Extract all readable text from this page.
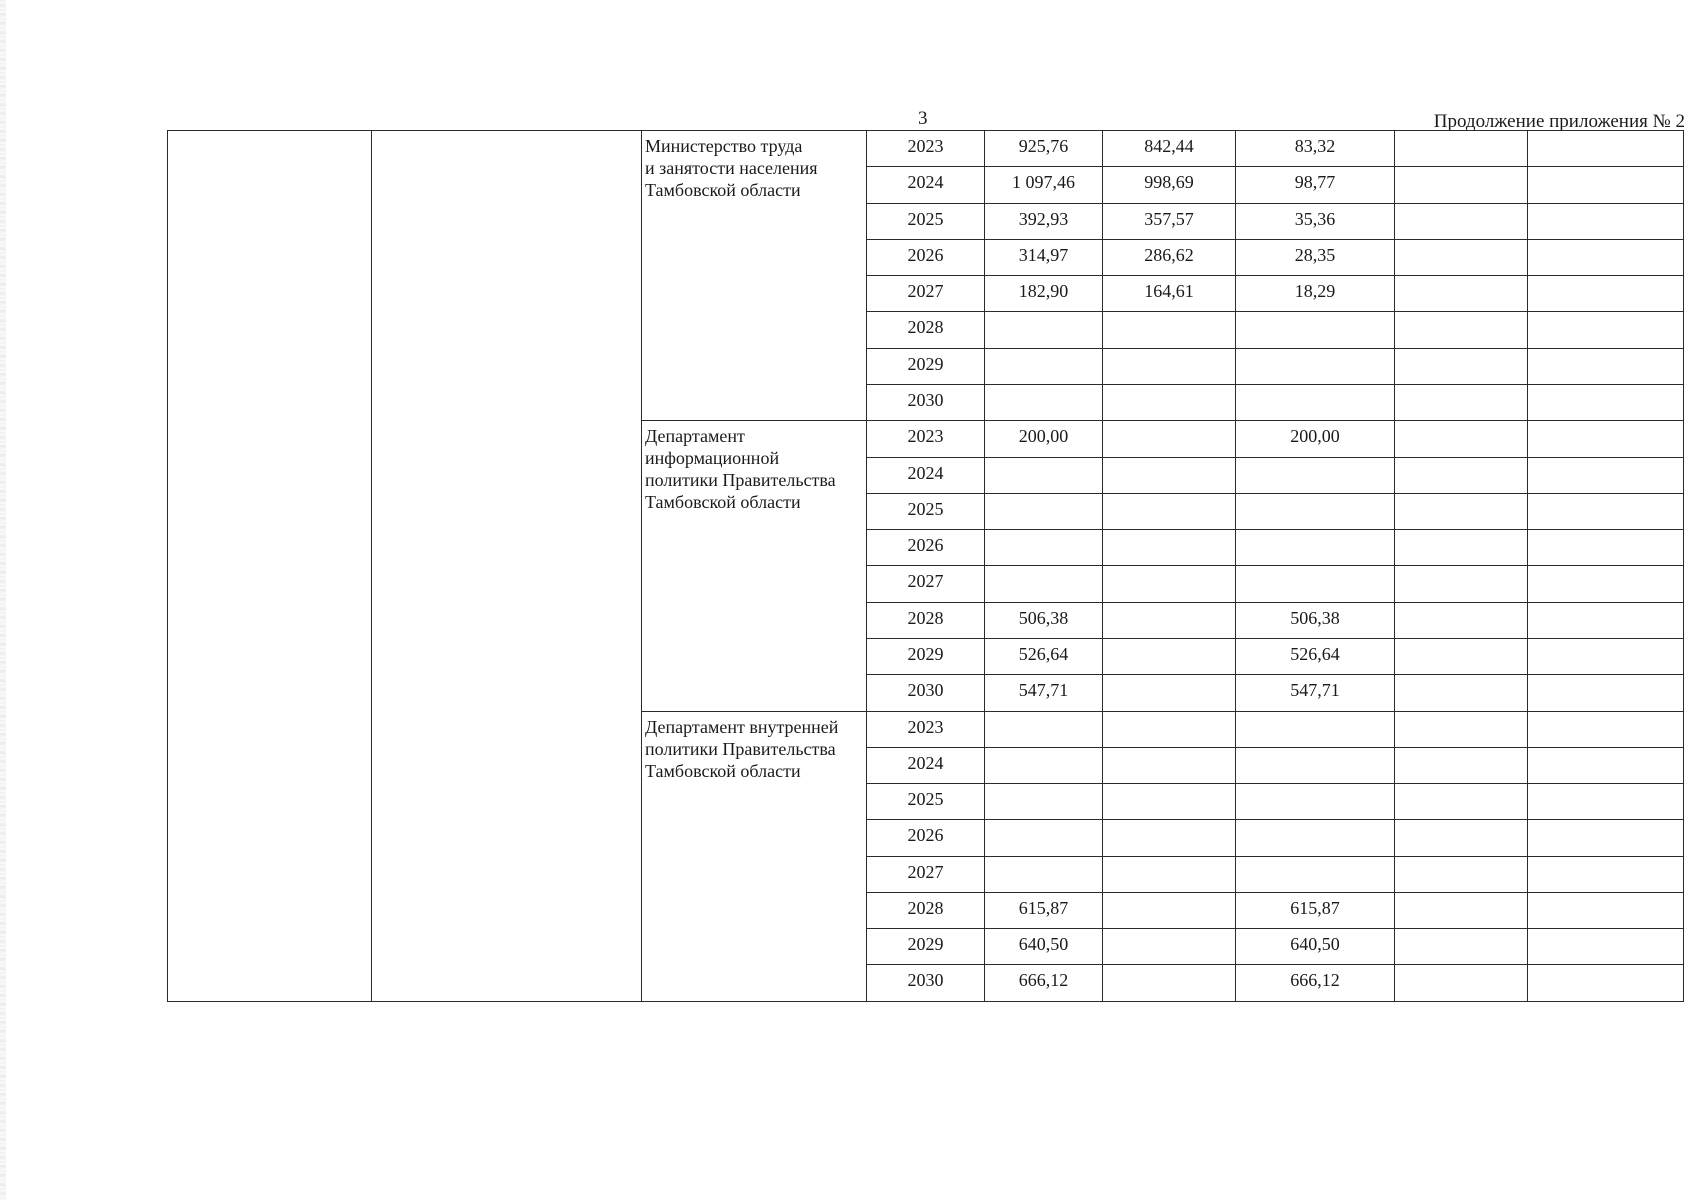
3	Продолжение приложения № 2
		Министерство труда
и занятости населения
Тамбовской области	2023	925,76	842,44	83,32		
			2024	1 097,46	998,69	98,77		
			2025	392,93	357,57	35,36		
			2026	314,97	286,62	28,35		
			2027	182,90	164,61	18,29		
			2028					
			2029					
			2030					
		Департамент
информационной
политики Правительства
Тамбовской области	2023	200,00		200,00		
			2024					
			2025					
			2026					
			2027					
			2028	506,38		506,38		
			2029	526,64		526,64		
			2030	547,71		547,71		
		Департамент внутренней
политики Правительства
Тамбовской области	2023					
			2024					
			2025					
			2026					
			2027					
			2028	615,87		615,87		
			2029	640,50		640,50		
			2030	666,12		666,12		
